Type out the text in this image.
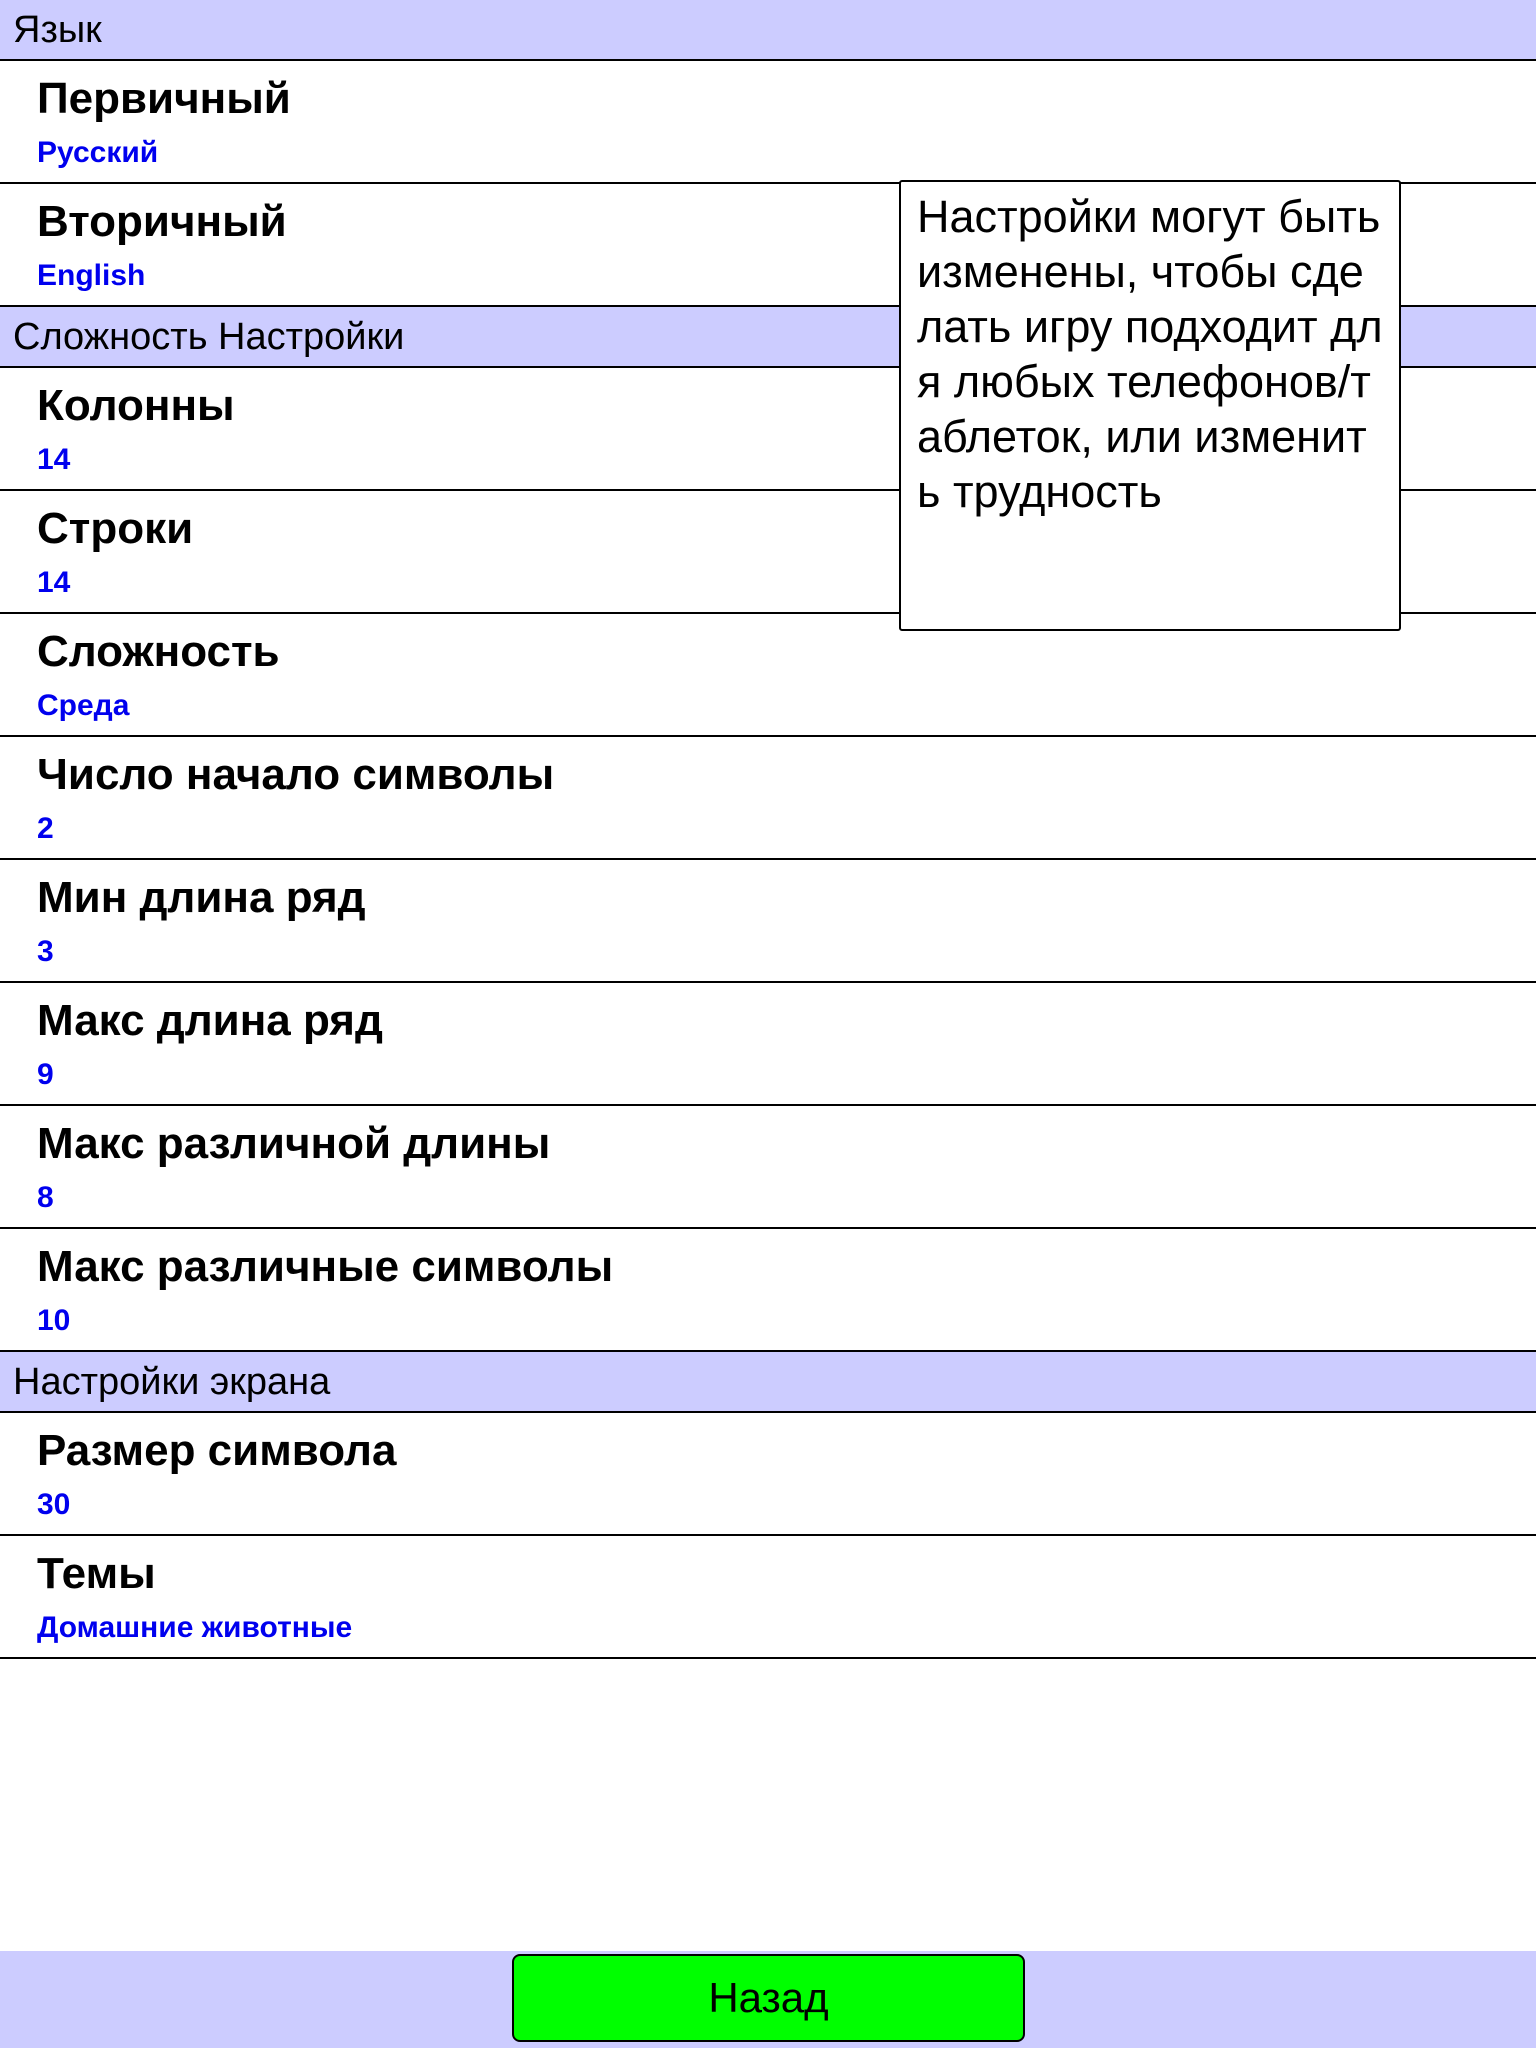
Язык
Первичный
Русский
Вторичный
English
Сложность Настройки
Колонны
14
Строки
14
Сложность
Среда
Число начало символы
2
Мин длина ряд
3
Макс длина ряд
9
Макс различной длины
8
Макс различные символы
10
Настройки экрана
Размер символа
30
Темы
Домашние животные
Настройки могут быть изменены, чтобы сделать игру подходит для любых телефонов/таблеток, или изменить трудность
Назад
